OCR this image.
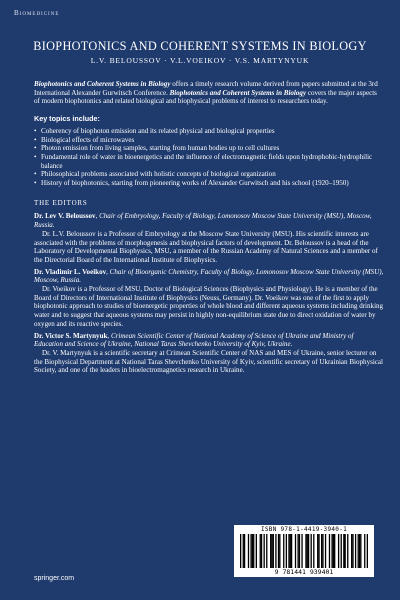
Biomedicine
BIOPHOTONICS AND COHERENT SYSTEMS IN BIOLOGY
L.V. BELOUSSOV · V.L.VOEIKOV · V.S. MARTYNYUK

Biophotonics and Coherent Systems in Biology offers a timely research volume derived from papers submitted at the 3rd International Alexander Gurwitsch Conference. Biophotonics and Coherent Systems in Biology covers the major aspects of modern biophotonics and related biological and biophysical problems of interest to researchers today.

Key topics include:
• Coherency of biophoton emission and its related physical and biological properties
• Biological effects of microwaves
• Photon emission from living samples, starting from human bodies up to cell cultures
• Fundamental role of water in bioenergetics and the influence of electromagnetic fields upon hydrophobic-hydrophilic balance
• Philosophical problems associated with holistic concepts of biological organization
• History of biophotonics, starting from pioneering works of Alexander Gurwitsch and his school (1920–1950)
THE EDITORS
Dr. Lev V. Beloussov, Chair of Embryology, Faculty of Biology, Lomonosov Moscow State University (MSU), Moscow, Russia.

Dr. L.V. Beloussov is a Professor of Embryology at the Moscow State University (MSU). His scientific interests are associated with the problems of morphogenesis and biophysical factors of development. Dr. Beloussov is a head of the Laboratory of Developmental Biophysics, MSU, a member of the Russian Academy of Natural Sciences and a member of the Directorial Board of the International Institute of Biophysics.

Dr. Vladimir L. Voeikov, Chair of Bioorganic Chemistry, Faculty of Biology, Lomonosov Moscow State University (MSU), Moscow, Russia.

Dr. Voeikov is a Professor of MSU, Doctor of Biological Sciences (Biophysics and Physiology). He is a member of the Board of Directors of International Institute of Biophysics (Neuss, Germany). Dr. Voeikov was one of the first to apply biophotonic approach to studies of bioenergetic properties of whole blood and different aqueous systems including drinking water and to suggest that aqueous systems may persist in highly non-equilibrium state due to direct oxidation of water by oxygen and its reactive species.

Dr. Victor S. Martynyuk, Crimean Scientific Center of National Academy of Science of Ukraine and Ministry of Education and Science of Ukraine, National Taras Shevchenko University of Kyiv, Ukraine.

Dr. V. Martynyuk is a scientific secretary at Crimean Scientific Center of NAS and MES of Ukraine, senior lecturer on the Biophysical Department at National Taras Shevchenko University of Kyiv, scientific secretary of Ukrainian Biophysical Society, and one of the leaders in bioelectromagnetics research in Ukraine.

ISBN 978-1-4419-3940-1
9 781441 939401
springer.com
